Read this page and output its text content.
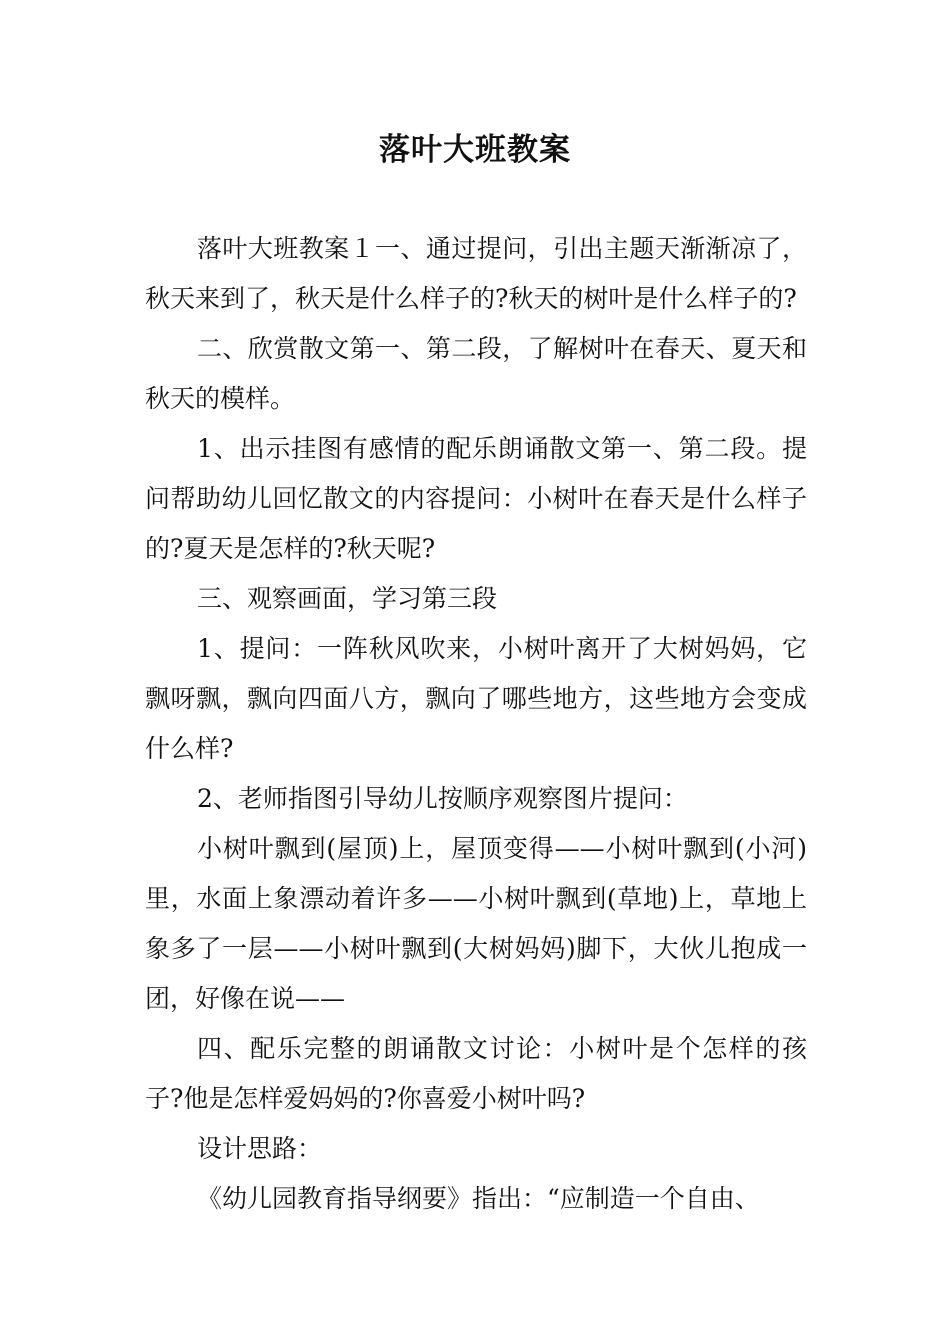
落叶大班教案

落叶大班教案１一、通过提问，引出主题天渐渐凉了，秋天来到了，秋天是什么样子的?秋天的树叶是什么样子的?

二、欣赏散文第一、第二段，了解树叶在春天、夏天和秋天的模样。

1、出示挂图有感情的配乐朗诵散文第一、第二段。提问帮助幼儿回忆散文的内容提问：小树叶在春天是什么样子的?夏天是怎样的?秋天呢?

三、观察画面，学习第三段

1、提问：一阵秋风吹来，小树叶离开了大树妈妈，它飘呀飘，飘向四面八方，飘向了哪些地方，这些地方会变成什么样?

2、老师指图引导幼儿按顺序观察图片提问：

小树叶飘到(屋顶)上，屋顶变得——小树叶飘到(小河)里，水面上象漂动着许多——小树叶飘到(草地)上，草地上象多了一层——小树叶飘到(大树妈妈)脚下，大伙儿抱成一团，好像在说——

四、配乐完整的朗诵散文讨论：小树叶是个怎样的孩子?他是怎样爱妈妈的?你喜爱小树叶吗?

设计思路：

《幼儿园教育指导纲要》指出：“应制造一个自由、
